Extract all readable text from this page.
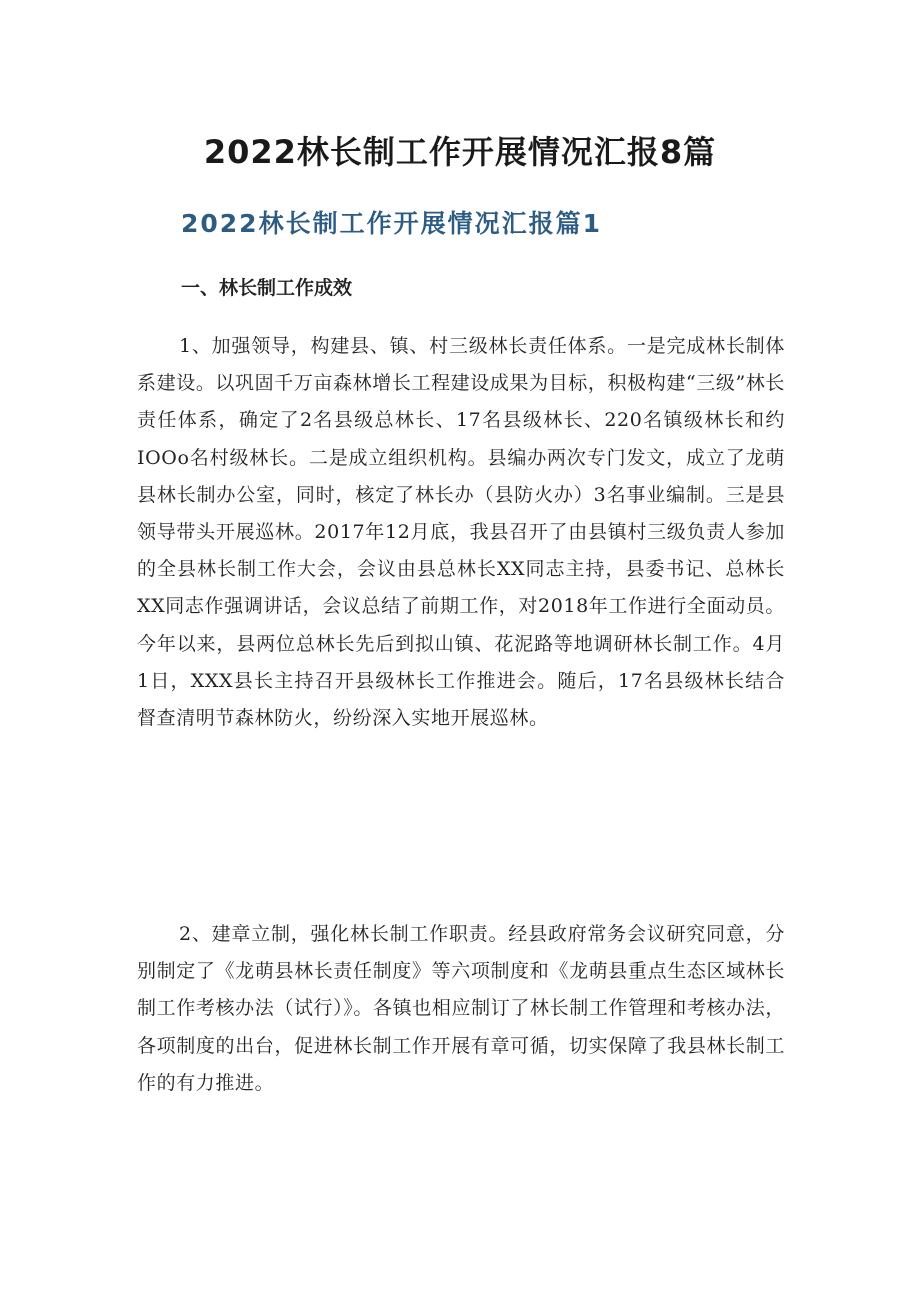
2022林长制工作开展情况汇报8篇
2022林长制工作开展情况汇报篇1
一、林长制工作成效

1、加强领导，构建县、镇、村三级林长责任体系。一是完成林长制体系建设。以巩固千万亩森林增长工程建设成果为目标，积极构建“三级”林长责任体系，确定了2名县级总林长、17名县级林长、220名镇级林长和约IOOo名村级林长。二是成立组织机构。县编办两次专门发文，成立了龙萌县林长制办公室，同时，核定了林长办（县防火办）3名事业编制。三是县领导带头开展巡林。2017年12月底，我县召开了由县镇村三级负责人参加的全县林长制工作大会，会议由县总林长XX同志主持，县委书记、总林长XX同志作强调讲话，会议总结了前期工作，对2018年工作进行全面动员。今年以来，县两位总林长先后到拟山镇、花泥路等地调研林长制工作。4月1日，XXX县长主持召开县级林长工作推进会。随后，17名县级林长结合督查清明节森林防火，纷纷深入实地开展巡林。

2、建章立制，强化林长制工作职责。经县政府常务会议研究同意，分别制定了《龙萌县林长责任制度》等六项制度和《龙萌县重点生态区域林长制工作考核办法（试行）》。各镇也相应制订了林长制工作管理和考核办法，各项制度的出台，促进林长制工作开展有章可循，切实保障了我县林长制工作的有力推进。
